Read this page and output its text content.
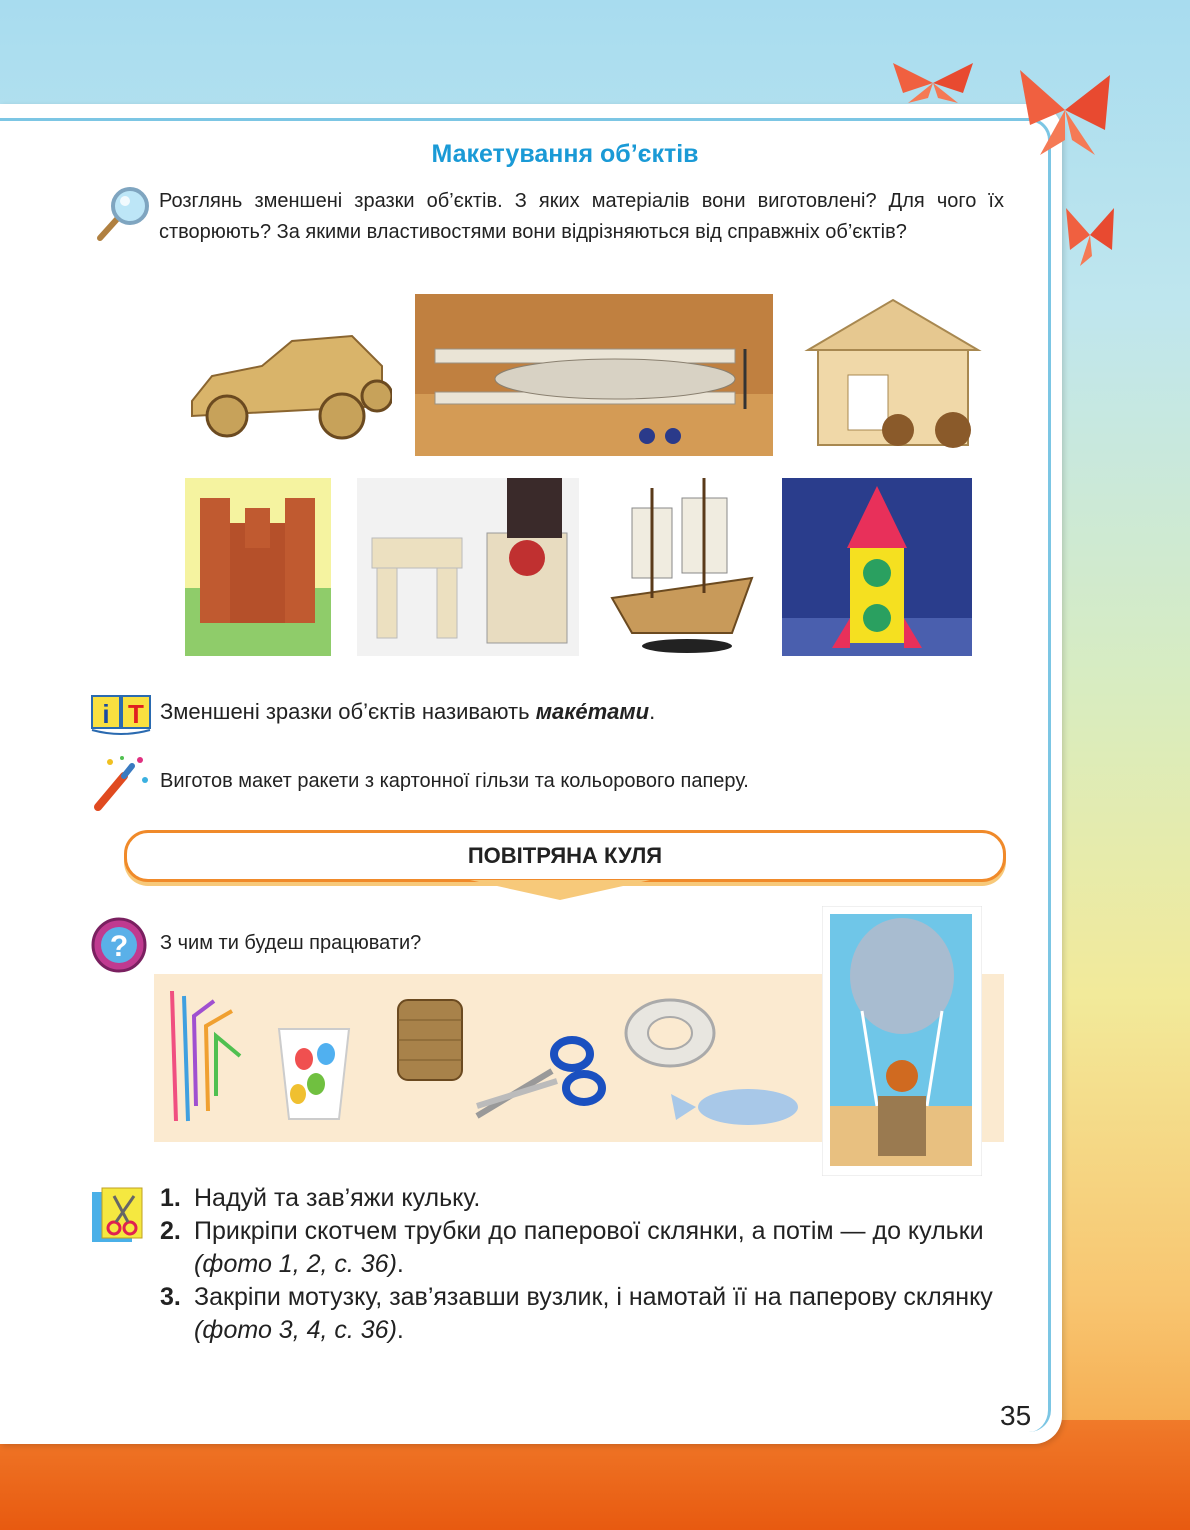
Макетування об’єктів
Розглянь зменшені зразки об’єктів. З яких матеріалів вони виготовлені? Для чого їх створюють? За якими властивостями вони відрізняються від справжніх об’єктів?
i T Зменшені зразки об’єктів називають маке́тами.
Виготов макет ракети з картонної гільзи та кольорового паперу.
ПОВІТРЯНА КУЛЯ
? З чим ти будеш працювати?
1. Надуй та зав’яжи кульку.
2. Прикріпи скотчем трубки до паперової склянки, а потім — до кульки (фото 1, 2, с. 36).
3. Закріпи мотузку, зав’язавши вузлик, і намотай її на паперову склянку (фото 3, 4, с. 36).
35
